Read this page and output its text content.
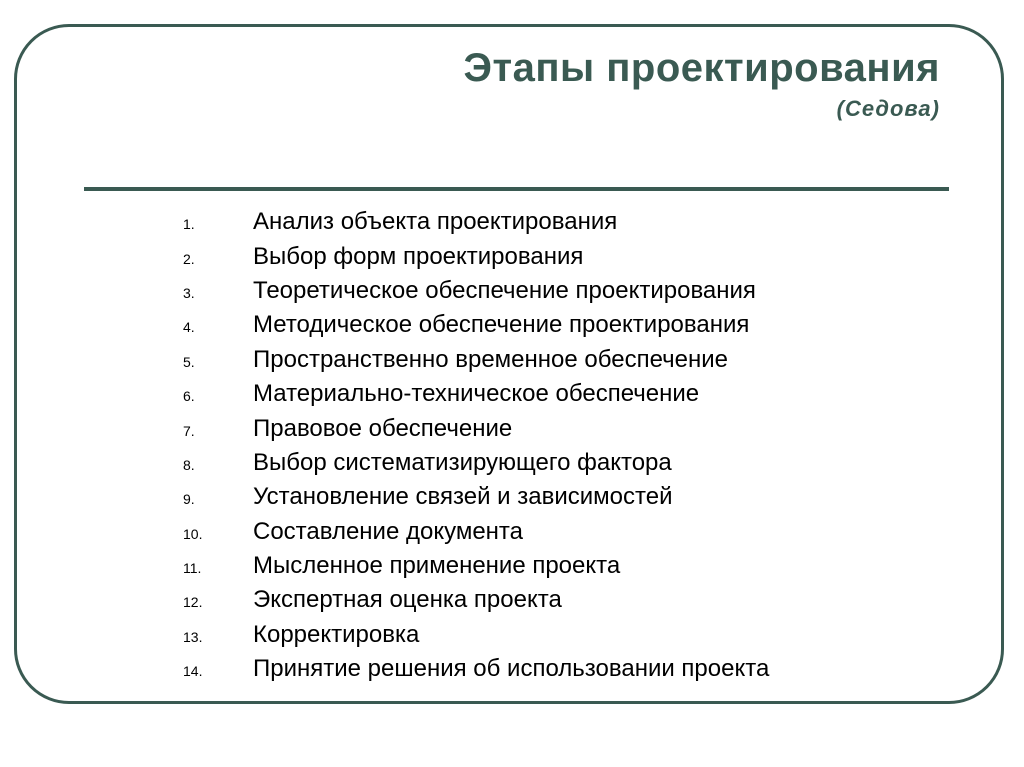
Этапы проектирования
(Седова)
1.	Анализ объекта проектирования
2.	Выбор форм проектирования
3.	Теоретическое обеспечение проектирования
4.	Методическое обеспечение проектирования
5.	Пространственно временное обеспечение
6.	Материально-техническое обеспечение
7.	Правовое обеспечение
8.	Выбор систематизирующего фактора
9.	Установление связей и зависимостей
10.	Составление документа
11.	Мысленное применение проекта
12.	Экспертная оценка проекта
13.	Корректировка
14.	Принятие решения об использовании проекта
